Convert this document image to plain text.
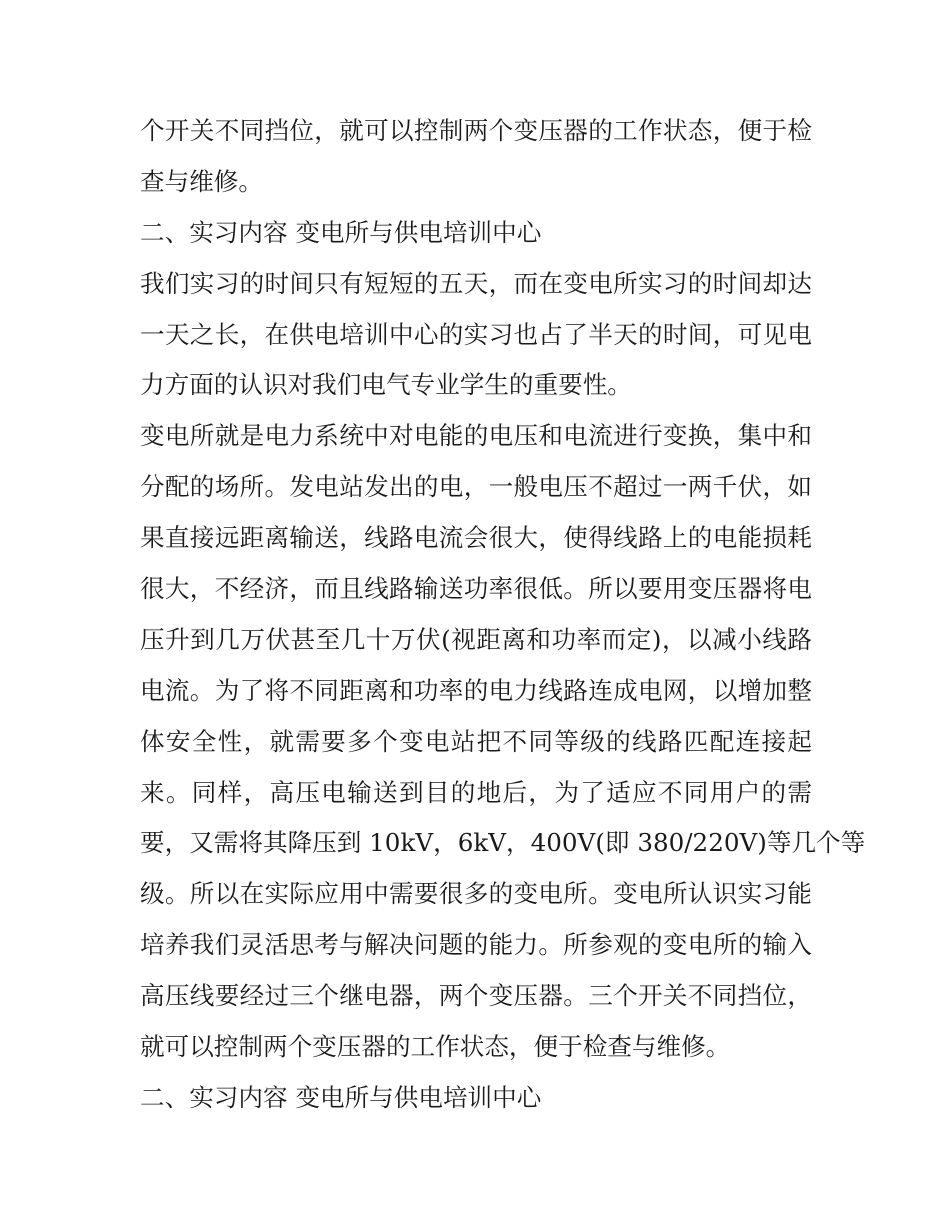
个开关不同挡位，就可以控制两个变压器的工作状态，便于检
查与维修。
二、实习内容 变电所与供电培训中心
我们实习的时间只有短短的五天，而在变电所实习的时间却达
一天之长，在供电培训中心的实习也占了半天的时间，可见电
力方面的认识对我们电气专业学生的重要性。
变电所就是电力系统中对电能的电压和电流进行变换，集中和
分配的场所。发电站发出的电，一般电压不超过一两千伏，如
果直接远距离输送，线路电流会很大，使得线路上的电能损耗
很大，不经济，而且线路输送功率很低。所以要用变压器将电
压升到几万伏甚至几十万伏(视距离和功率而定)，以减小线路
电流。为了将不同距离和功率的电力线路连成电网，以增加整
体安全性，就需要多个变电站把不同等级的线路匹配连接起
来。同样，高压电输送到目的地后，为了适应不同用户的需
要，又需将其降压到 10kV，6kV，400V(即 380/220V)等几个等
级。所以在实际应用中需要很多的变电所。变电所认识实习能
培养我们灵活思考与解决问题的能力。所参观的变电所的输入
高压线要经过三个继电器，两个变压器。三个开关不同挡位，
就可以控制两个变压器的工作状态，便于检查与维修。
二、实习内容 变电所与供电培训中心
